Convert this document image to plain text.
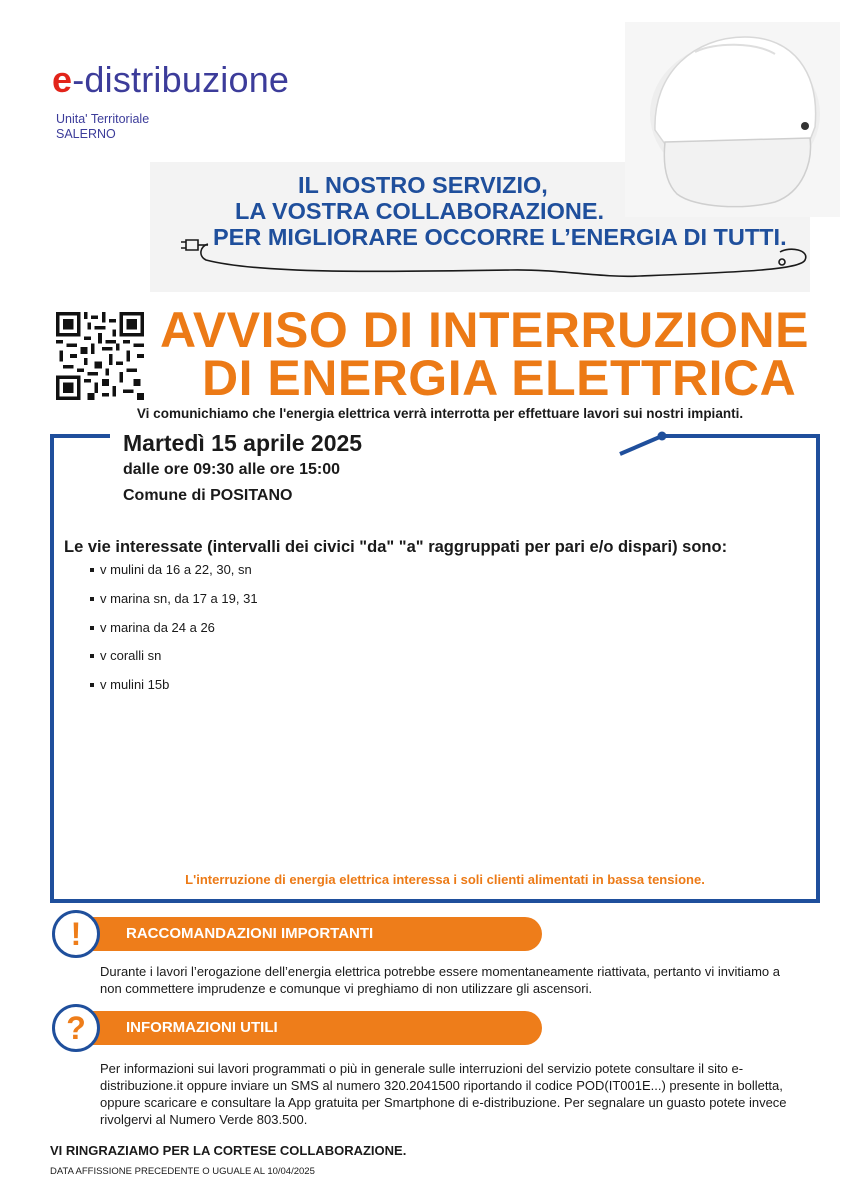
e-distribuzione
Unita' Territoriale
SALERNO
IL NOSTRO SERVIZIO,
LA VOSTRA COLLABORAZIONE.
PER MIGLIORARE OCCORRE L’ENERGIA DI TUTTI.
AVVISO DI INTERRUZIONE
DI ENERGIA ELETTRICA
Vi comunichiamo che l'energia elettrica verrà interrotta per effettuare lavori sui nostri impianti.
Martedì 15 aprile 2025
dalle ore 09:30 alle ore 15:00
Comune di POSITANO
Le vie interessate (intervalli dei civici "da" "a" raggruppati per pari e/o dispari) sono:
v mulini da 16 a 22, 30, sn
v marina sn, da 17 a 19, 31
v marina da 24 a 26
v coralli sn
v mulini 15b
L'interruzione di energia elettrica interessa i soli clienti alimentati in bassa tensione.
RACCOMANDAZIONI IMPORTANTI
!
Durante i lavori l’erogazione dell’energia elettrica potrebbe essere momentaneamente riattivata, pertanto vi invitiamo a non commettere imprudenze e comunque vi preghiamo di non utilizzare gli ascensori.
INFORMAZIONI UTILI
?
Per informazioni sui lavori programmati o più in generale sulle interruzioni del servizio potete consultare il sito e-distribuzione.it oppure inviare un SMS al numero 320.2041500 riportando il codice POD(IT001E...) presente in bolletta, oppure scaricare e consultare la App gratuita per Smartphone di e-distribuzione. Per segnalare un guasto potete invece rivolgervi al Numero Verde 803.500.
VI RINGRAZIAMO PER LA CORTESE COLLABORAZIONE.
DATA AFFISSIONE PRECEDENTE O UGUALE AL 10/04/2025
